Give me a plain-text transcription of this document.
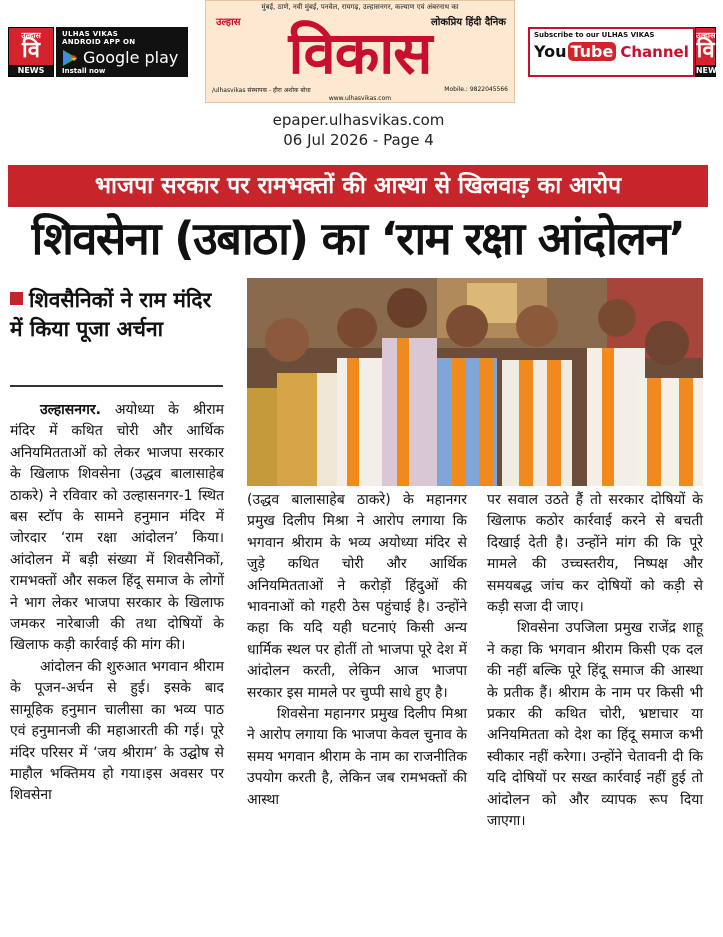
उल्हास
वि
NEWS
ULHAS VIKAS
ANDROID APP ON
Google play
Install now
मुंबई, ठाणे, नवी मुंबई, पनवेल, रायगढ़, उल्हासनगर, कल्याण एवं अंबरनाथ का
उल्हास	लोकप्रिय हिंदी दैनिक
विकास
/ulhasvikas संस्थापक - हीरा अशोक बोधा	Mobile.: 9822045566
www.ulhasvikas.com
Subscribe to our ULHAS VIKAS
You Tube Channel
उल्हास
वि
NEWS
epaper.ulhasvikas.com
06 Jul 2026 - Page 4
भाजपा सरकार पर रामभक्तों की आस्था से खिलवाड़ का आरोप
शिवसेना (उबाठा) का ‘राम रक्षा आंदोलन’
शिवसैनिकों ने राम मंदिर में किया पूजा अर्चना

उल्हासनगर. अयोध्या के श्रीराम मंदिर में कथित चोरी और आर्थिक अनियमितताओं को लेकर भाजपा सरकार के खिलाफ शिवसेना (उद्धव बालासाहेब ठाकरे) ने रविवार को उल्हासनगर-1 स्थित बस स्टॉप के सामने हनुमान मंदिर में जोरदार ‘राम रक्षा आंदोलन’ किया। आंदोलन में बड़ी संख्या में शिवसैनिकों, रामभक्तों और सकल हिंदू समाज के लोगों ने भाग लेकर भाजपा सरकार के खिलाफ जमकर नारेबाजी की तथा दोषियों के खिलाफ कड़ी कार्रवाई की मांग की।

आंदोलन की शुरुआत भगवान श्रीराम के पूजन-अर्चन से हुई। इसके बाद सामूहिक हनुमान चालीसा का भव्य पाठ एवं हनुमानजी की महाआरती की गई। पूरे मंदिर परिसर में ‘जय श्रीराम’ के उद्घोष से माहौल भक्तिमय हो गया।इस अवसर पर शिवसेना

(उद्धव बालासाहेब ठाकरे) के महानगर प्रमुख दिलीप मिश्रा ने आरोप लगाया कि भगवान श्रीराम के भव्य अयोध्या मंदिर से जुड़े कथित चोरी और आर्थिक अनियमितताओं ने करोड़ों हिंदुओं की भावनाओं को गहरी ठेस पहुंचाई है। उन्होंने कहा कि यदि यही घटनाएं किसी अन्य धार्मिक स्थल पर होतीं तो भाजपा पूरे देश में आंदोलन करती, लेकिन आज भाजपा सरकार इस मामले पर चुप्पी साधे हुए है।

शिवसेना महानगर प्रमुख दिलीप मिश्रा ने आरोप लगाया कि भाजपा केवल चुनाव के समय भगवान श्रीराम के नाम का राजनीतिक उपयोग करती है, लेकिन जब रामभक्तों की आस्था

पर सवाल उठते हैं तो सरकार दोषियों के खिलाफ कठोर कार्रवाई करने से बचती दिखाई देती है। उन्होंने मांग की कि पूरे मामले की उच्चस्तरीय, निष्पक्ष और समयबद्ध जांच कर दोषियों को कड़ी से कड़ी सजा दी जाए।

शिवसेना उपजिला प्रमुख राजेंद्र शाहू ने कहा कि भगवान श्रीराम किसी एक दल की नहीं बल्कि पूरे हिंदू समाज की आस्था के प्रतीक हैं। श्रीराम के नाम पर किसी भी प्रकार की कथित चोरी, भ्रष्टाचार या अनियमितता को देश का हिंदू समाज कभी स्वीकार नहीं करेगा। उन्होंने चेतावनी दी कि यदि दोषियों पर सख्त कार्रवाई नहीं हुई तो आंदोलन को और व्यापक रूप दिया जाएगा।
